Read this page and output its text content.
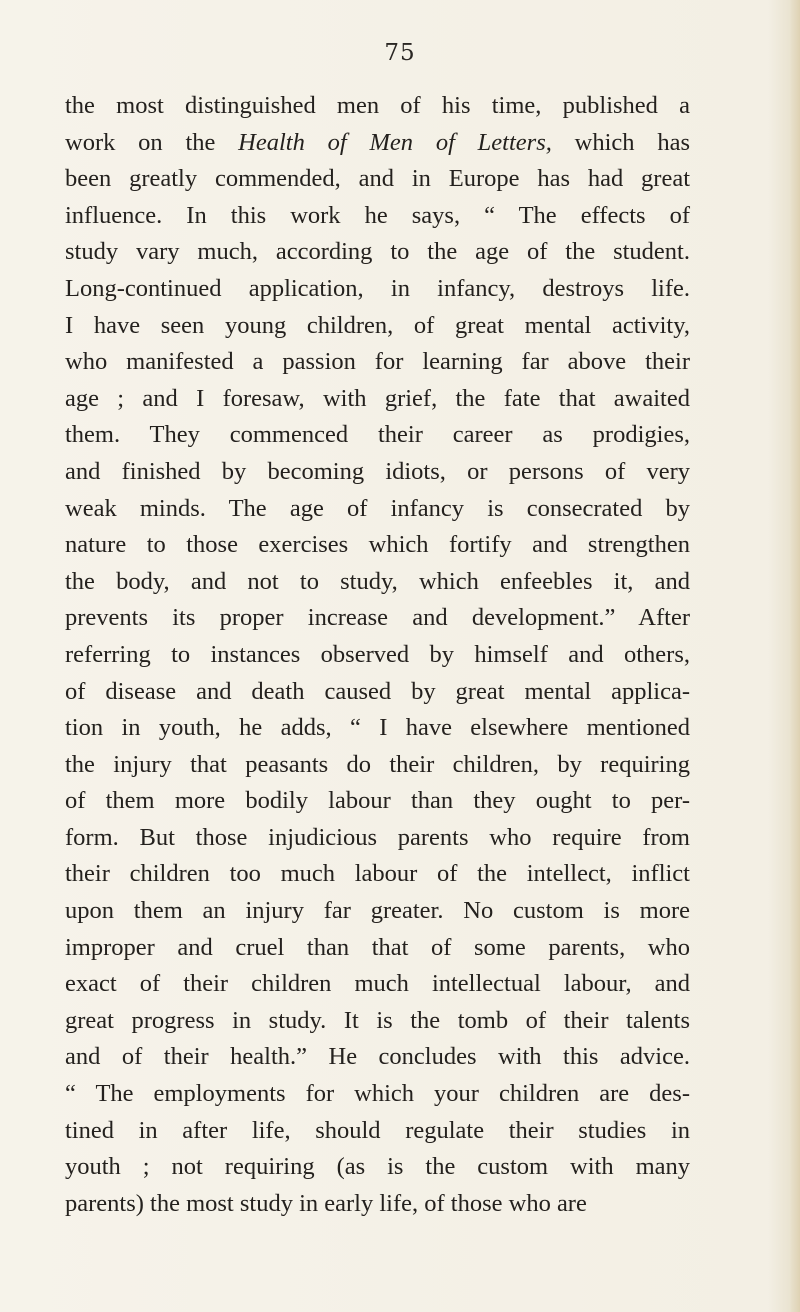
75
the most distinguished men of his time, published a
work on the Health of Men of Letters, which has
been greatly commended, and in Europe has had great
influence. In this work he says, “ The effects of
study vary much, according to the age of the student.
Long-continued application, in infancy, destroys life.
I have seen young children, of great mental activity,
who manifested a passion for learning far above their
age ; and I foresaw, with grief, the fate that awaited
them. They commenced their career as prodigies,
and finished by becoming idiots, or persons of very
weak minds. The age of infancy is consecrated by
nature to those exercises which fortify and strengthen
the body, and not to study, which enfeebles it, and
prevents its proper increase and development.” After
referring to instances observed by himself and others,
of disease and death caused by great mental applica-
tion in youth, he adds, “ I have elsewhere mentioned
the injury that peasants do their children, by requiring
of them more bodily labour than they ought to per-
form. But those injudicious parents who require from
their children too much labour of the intellect, inflict
upon them an injury far greater. No custom is more
improper and cruel than that of some parents, who
exact of their children much intellectual labour, and
great progress in study. It is the tomb of their talents
and of their health.” He concludes with this advice.
“ The employments for which your children are des-
tined in after life, should regulate their studies in
youth ; not requiring (as is the custom with many
parents) the most study in early life, of those who are
